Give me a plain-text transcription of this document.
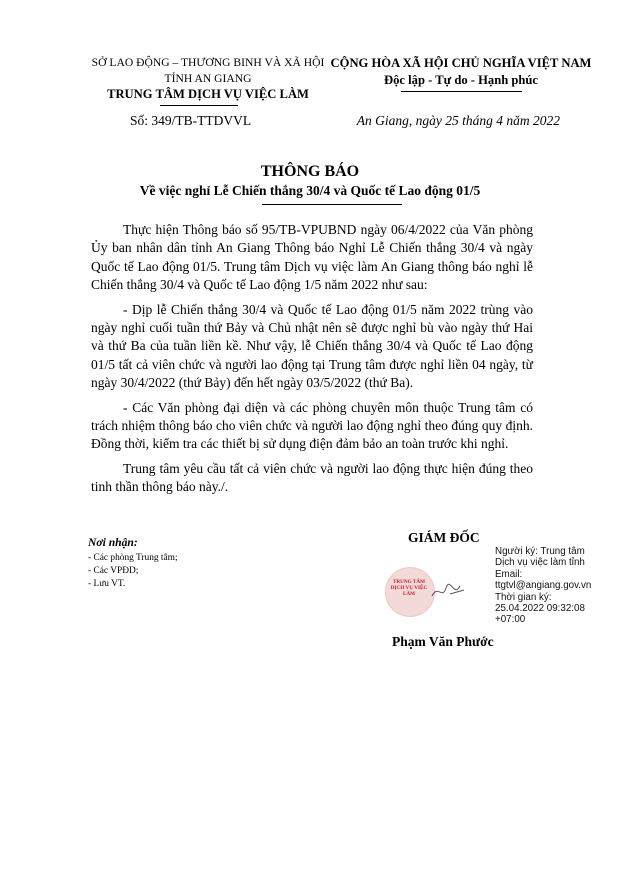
SỞ LAO ĐỘNG – THƯƠNG BINH VÀ XÃ HỘI
TỈNH AN GIANG
TRUNG TÂM DỊCH VỤ VIỆC LÀM
CỘNG HÒA XÃ HỘI CHỦ NGHĨA VIỆT NAM
Độc lập - Tự do - Hạnh phúc
Số: 349/TB-TTDVVL	An Giang, ngày 25 tháng 4 năm 2022
THÔNG BÁO
Về việc nghỉ Lễ Chiến thắng 30/4 và Quốc tế Lao động 01/5

Thực hiện Thông báo số 95/TB-VPUBND ngày 06/4/2022 của Văn phòng Ủy ban nhân dân tỉnh An Giang Thông báo Nghỉ Lễ Chiến thắng 30/4 và ngày Quốc tế Lao động 01/5. Trung tâm Dịch vụ việc làm An Giang thông báo nghỉ lễ Chiến thắng 30/4 và Quốc tế Lao động 1/5 năm 2022 như sau:

- Dịp lễ Chiến thắng 30/4 và Quốc tế Lao động 01/5 năm 2022 trùng vào ngày nghỉ cuối tuần thứ Bảy và Chủ nhật nên sẽ được nghỉ bù vào ngày thứ Hai và thứ Ba của tuần liền kề. Như vậy, lễ Chiến thắng 30/4 và Quốc tế Lao động 01/5 tất cả viên chức và người lao động tại Trung tâm được nghỉ liền 04 ngày, từ ngày 30/4/2022 (thứ Bảy) đến hết ngày 03/5/2022 (thứ Ba).

- Các Văn phòng đại diện và các phòng chuyên môn thuộc Trung tâm có trách nhiệm thông báo cho viên chức và người lao động nghỉ theo đúng quy định. Đồng thời, kiểm tra các thiết bị sử dụng điện đảm bảo an toàn trước khi nghỉ.

Trung tâm yêu cầu tất cả viên chức và người lao động thực hiện đúng theo tinh thần thông báo này./.

Nơi nhận:
- Các phòng Trung tâm;
- Các VPĐD;
- Lưu VT.
GIÁM ĐỐC
TRUNG TÂM DỊCH VỤ VIỆC LÀM
Người ký: Trung tâm
Dịch vụ việc làm tỉnh
Email:
ttgtvl@angiang.gov.vn
Thời gian ký:
25.04.2022 09:32:08
+07:00
Phạm Văn Phước
